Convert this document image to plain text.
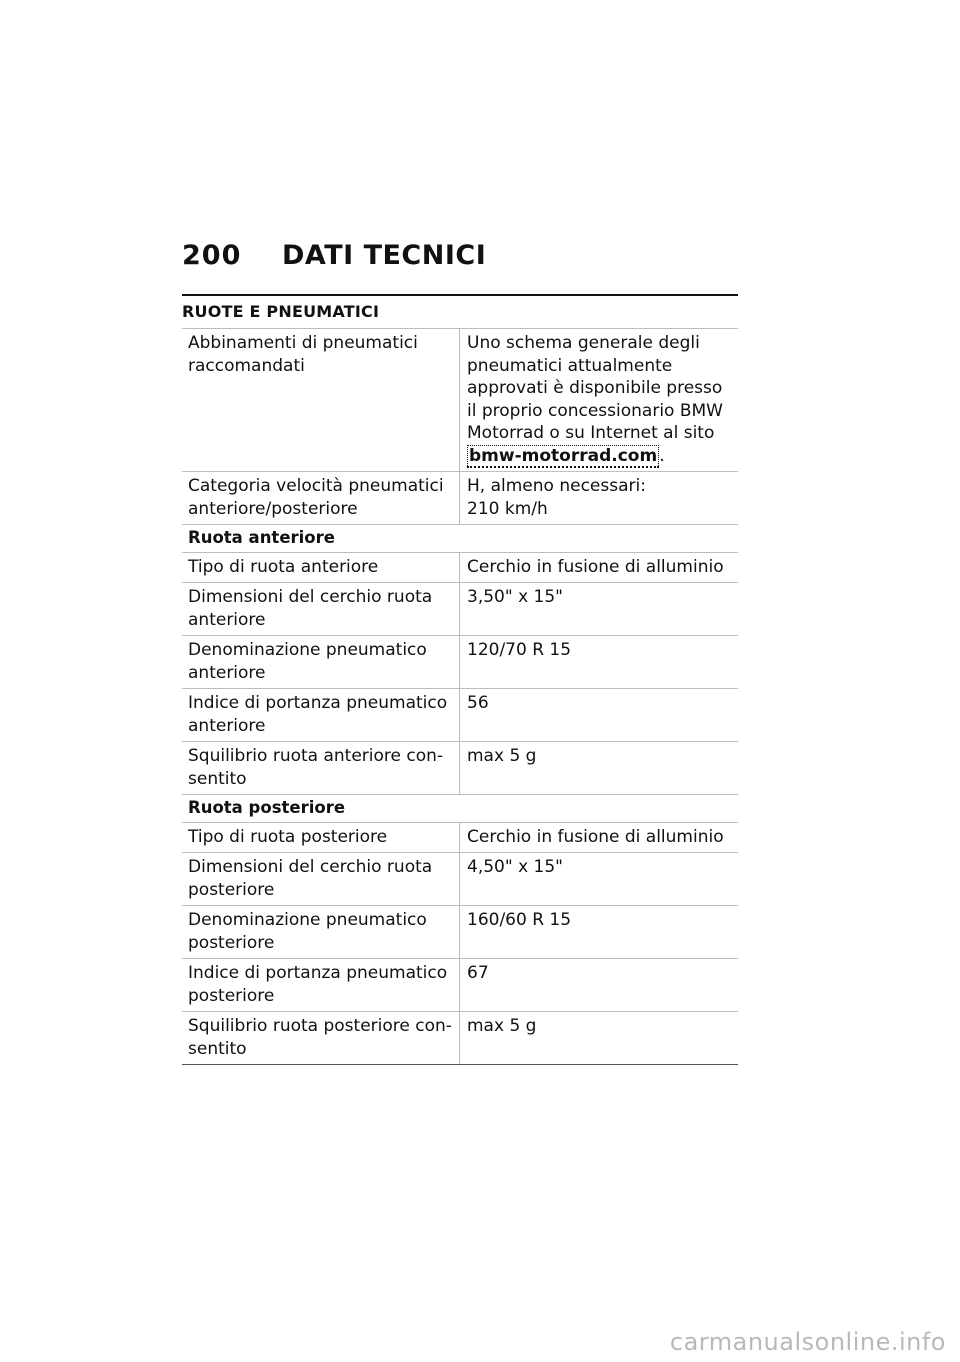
200	DATI TECNICI
RUOTE E PNEUMATICI
Abbinamenti di pneumatici raccomandati	Uno schema generale degli pneumatici attualmente approvati è disponibile presso il proprio concessionario BMW Motorrad o su Internet al sito bmw-motorrad.com .
Categoria velocità pneumatici anteriore/posteriore	H, almeno necessari:
210 km/h
Ruota anteriore	
Tipo di ruota anteriore	Cerchio in fusione di alluminio
Dimensioni del cerchio ruota anteriore	3,50" x 15"
Denominazione pneumatico anteriore	120/70 R 15
Indice di portanza pneumatico anteriore	56
Squilibrio ruota anteriore con-sentito	max 5 g
Ruota posteriore	
Tipo di ruota posteriore	Cerchio in fusione di alluminio
Dimensioni del cerchio ruota posteriore	4,50" x 15"
Denominazione pneumatico posteriore	160/60 R 15
Indice di portanza pneumatico posteriore	67
Squilibrio ruota posteriore con-sentito	max 5 g
carmanualsonline.info
